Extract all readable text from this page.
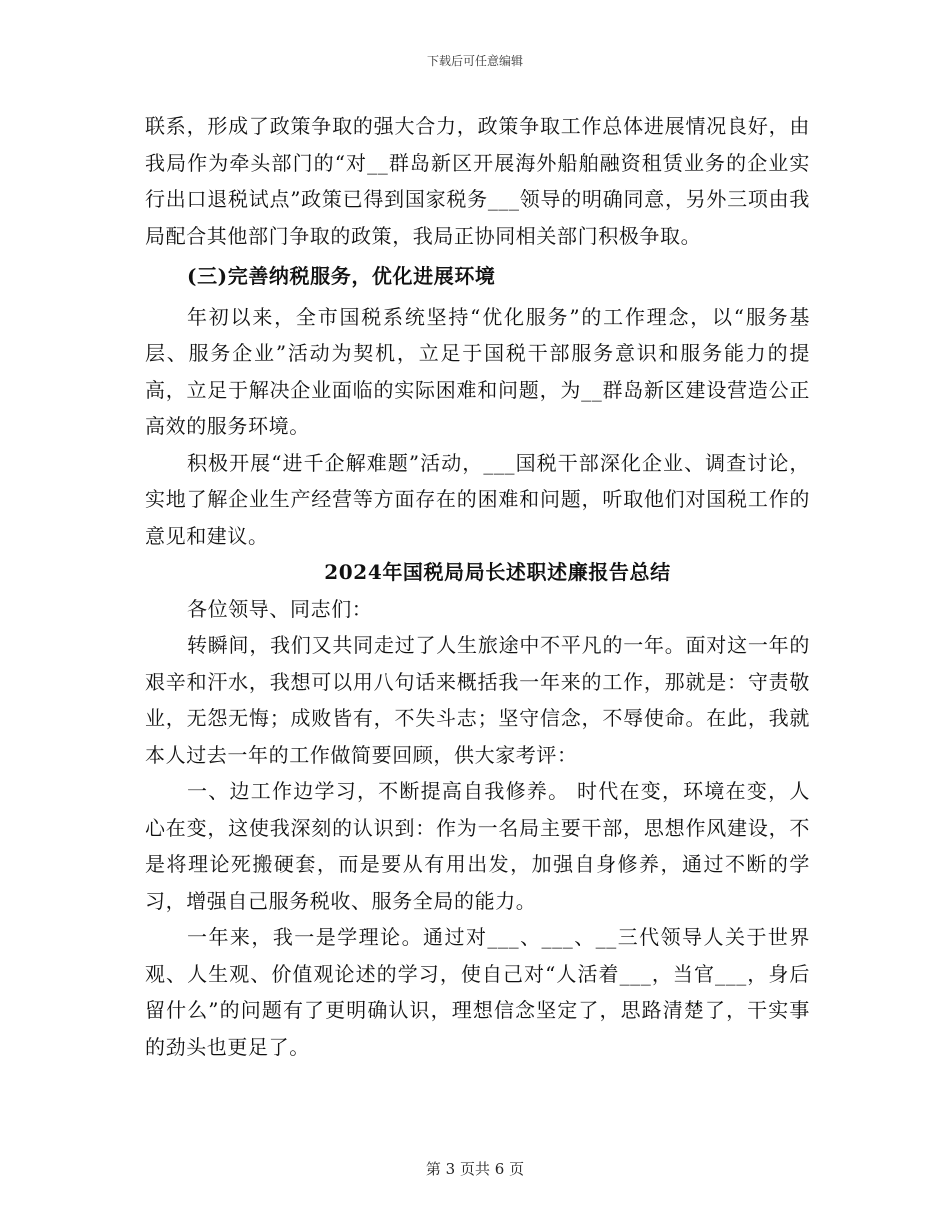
下载后可任意编辑

联系，形成了政策争取的强大合力，政策争取工作总体进展情况良好，由我局作为牵头部门的“对__群岛新区开展海外船舶融资租赁业务的企业实行出口退税试点”政策已得到国家税务___领导的明确同意，另外三项由我局配合其他部门争取的政策，我局正协同相关部门积极争取。

(三)完善纳税服务，优化进展环境

年初以来，全市国税系统坚持“优化服务”的工作理念，以“服务基层、服务企业”活动为契机，立足于国税干部服务意识和服务能力的提高，立足于解决企业面临的实际困难和问题，为__群岛新区建设营造公正高效的服务环境。

积极开展“进千企解难题”活动，___国税干部深化企业、调查讨论，实地了解企业生产经营等方面存在的困难和问题，听取他们对国税工作的意见和建议。

2024年国税局局长述职述廉报告总结

各位领导、同志们：

转瞬间，我们又共同走过了人生旅途中不平凡的一年。面对这一年的艰辛和汗水，我想可以用八句话来概括我一年来的工作，那就是：守责敬业，无怨无悔；成败皆有，不失斗志；坚守信念，不辱使命。在此，我就本人过去一年的工作做简要回顾，供大家考评：

一、边工作边学习，不断提高自我修养。 时代在变，环境在变，人心在变，这使我深刻的认识到：作为一名局主要干部，思想作风建设，不是将理论死搬硬套，而是要从有用出发，加强自身修养，通过不断的学习，增强自己服务税收、服务全局的能力。

一年来，我一是学理论。通过对___、___、__三代领导人关于世界观、人生观、价值观论述的学习，使自己对“人活着___，当官___，身后留什么”的问题有了更明确认识，理想信念坚定了，思路清楚了，干实事的劲头也更足了。

第 3 页共 6 页
